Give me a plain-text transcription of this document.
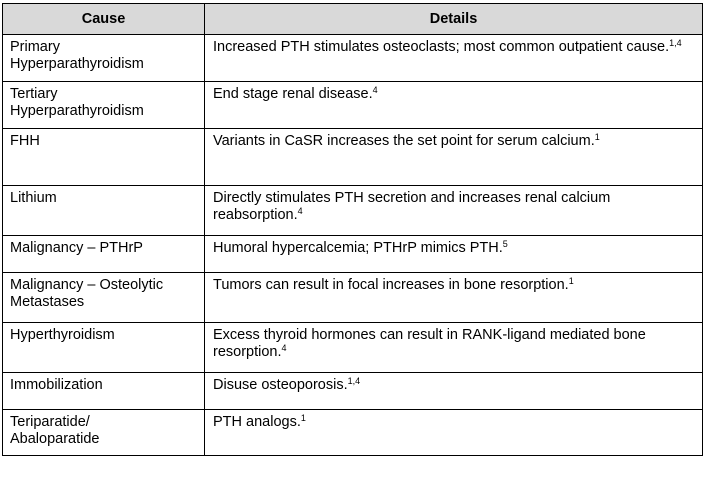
Cause	Details
Primary
Hyperparathyroidism	Increased PTH stimulates osteoclasts; most common outpatient cause.$^{1,4}$
Tertiary
Hyperparathyroidism	End stage renal disease.$^4$
FHH	Variants in CaSR increases the set point for serum calcium.$^1$
Lithium	Directly stimulates PTH secretion and increases renal calcium reabsorption.$^4$
Malignancy – PTHrP	Humoral hypercalcemia; PTHrP mimics PTH.$^5$
Malignancy – Osteolytic
Metastases	Tumors can result in focal increases in bone resorption.$^1$
Hyperthyroidism	Excess thyroid hormones can result in RANK-ligand mediated bone resorption.$^4$
Immobilization	Disuse osteoporosis.$^{1,4}$
Teriparatide/
Abaloparatide	PTH analogs.$^1$
